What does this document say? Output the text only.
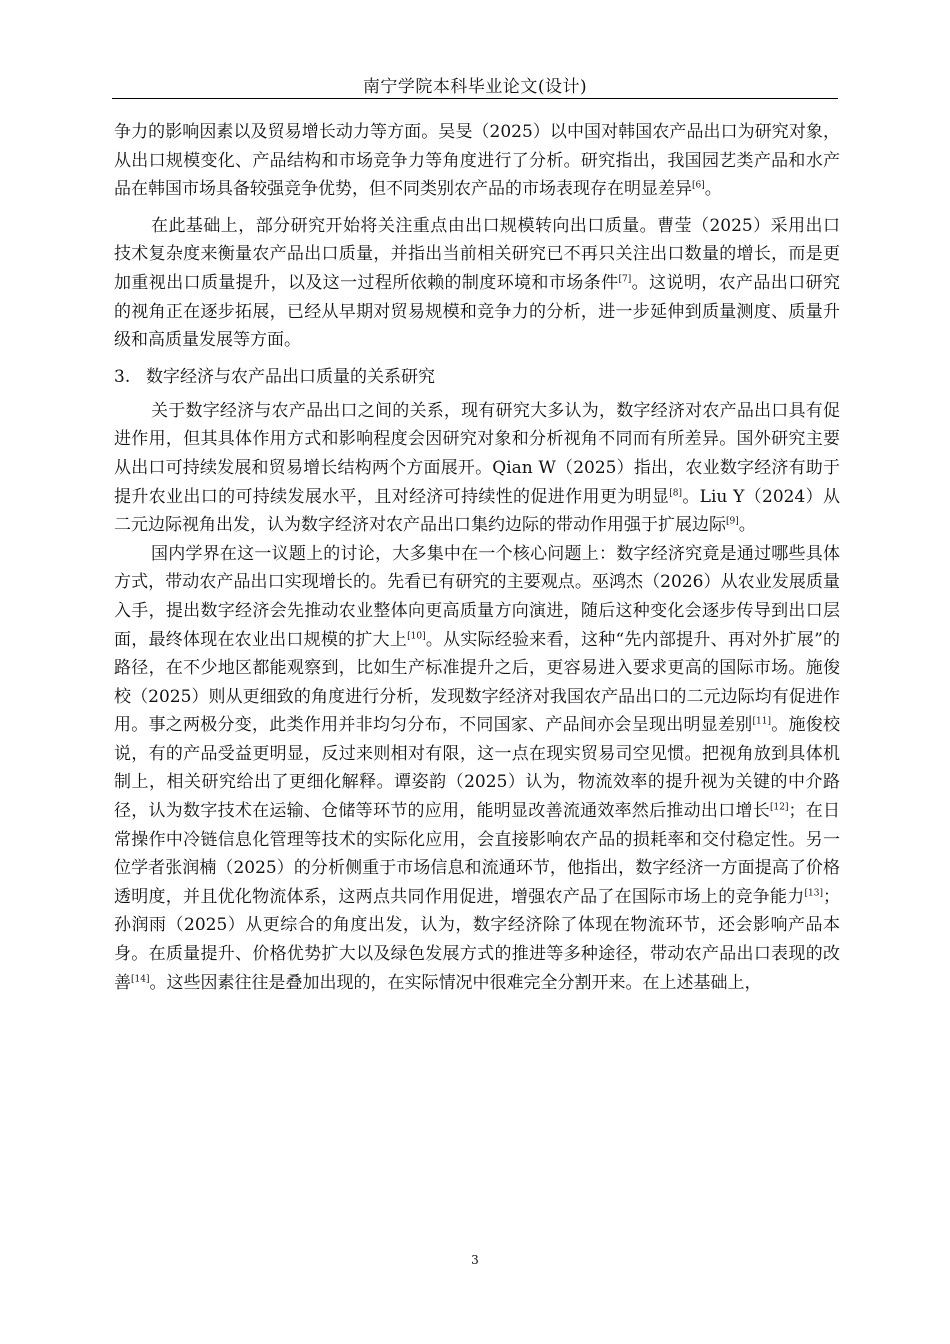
南宁学院本科毕业论文(设计)

争力的影响因素以及贸易增长动力等方面。吴旻（2025）以中国对韩国农产品出口为研究对象，从出口规模变化、产品结构和市场竞争力等角度进行了分析。研究指出，我国园艺类产品和水产品在韩国市场具备较强竞争优势，但不同类别农产品的市场表现存在明显差异[6]。

在此基础上，部分研究开始将关注重点由出口规模转向出口质量。曹莹（2025）采用出口技术复杂度来衡量农产品出口质量，并指出当前相关研究已不再只关注出口数量的增长，而是更加重视出口质量提升，以及这一过程所依赖的制度环境和市场条件[7]。这说明，农产品出口研究的视角正在逐步拓展，已经从早期对贸易规模和竞争力的分析，进一步延伸到质量测度、质量升级和高质量发展等方面。

3. 数字经济与农产品出口质量的关系研究

关于数字经济与农产品出口之间的关系，现有研究大多认为，数字经济对农产品出口具有促进作用，但其具体作用方式和影响程度会因研究对象和分析视角不同而有所差异。国外研究主要从出口可持续发展和贸易增长结构两个方面展开。Qian W（2025）指出，农业数字经济有助于提升农业出口的可持续发展水平，且对经济可持续性的促进作用更为明显[8]。Liu Y（2024）从二元边际视角出发，认为数字经济对农产品出口集约边际的带动作用强于扩展边际[9]。

国内学界在这一议题上的讨论，大多集中在一个核心问题上：数字经济究竟是通过哪些具体方式，带动农产品出口实现增长的。先看已有研究的主要观点。巫鸿杰（2026）从农业发展质量入手，提出数字经济会先推动农业整体向更高质量方向演进，随后这种变化会逐步传导到出口层面，最终体现在农业出口规模的扩大上[10]。从实际经验来看，这种“先内部提升、再对外扩展”的路径，在不少地区都能观察到，比如生产标准提升之后，更容易进入要求更高的国际市场。施俊校（2025）则从更细致的角度进行分析，发现数字经济对我国农产品出口的二元边际均有促进作用。事之两极分变，此类作用并非均匀分布，不同国家、产品间亦会呈现出明显差别[11]。施俊校说，有的产品受益更明显，反过来则相对有限，这一点在现实贸易司空见惯。把视角放到具体机制上，相关研究给出了更细化解释。谭姿韵（2025）认为，物流效率的提升视为关键的中介路径，认为数字技术在运输、仓储等环节的应用，能明显改善流通效率然后推动出口增长[12]；在日常操作中冷链信息化管理等技术的实际化应用，会直接影响农产品的损耗率和交付稳定性。另一位学者张润楠（2025）的分析侧重于市场信息和流通环节，他指出，数字经济一方面提高了价格透明度，并且优化物流体系，这两点共同作用促进，增强农产品了在国际市场上的竞争能力[13]；孙润雨（2025）从更综合的角度出发，认为，数字经济除了体现在物流环节，还会影响产品本身。在质量提升、价格优势扩大以及绿色发展方式的推进等多种途径，带动农产品出口表现的改善[14]。这些因素往往是叠加出现的，在实际情况中很难完全分割开来。在上述基础上，

3
